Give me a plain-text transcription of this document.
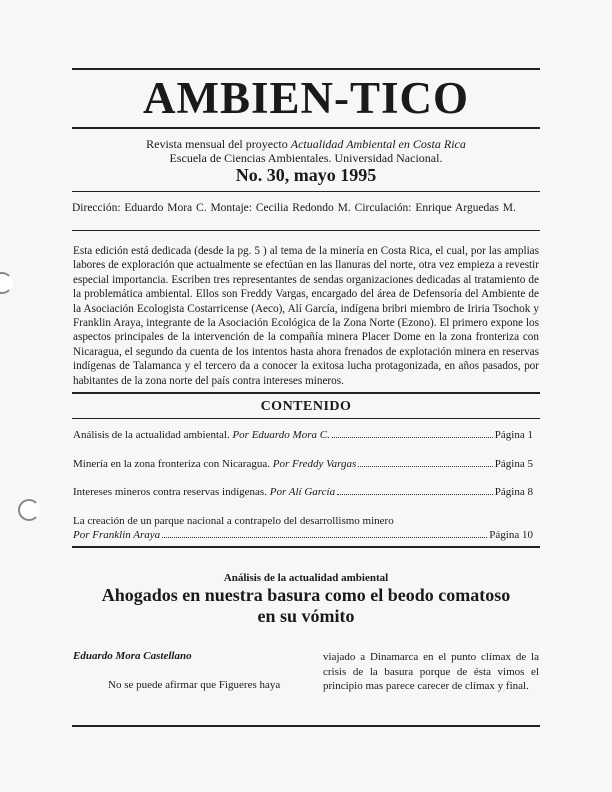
AMBIEN-TICO
Revista mensual del proyecto Actualidad Ambiental en Costa Rica
Escuela de Ciencias Ambientales. Universidad Nacional.
No. 30, mayo 1995
Dirección: Eduardo Mora C. Montaje: Cecilia Redondo M. Circulación: Enrique Arguedas M.
Esta edición está dedicada (desde la pg. 5 ) al tema de la minería en Costa Rica, el cual, por las amplias labores de exploración que actualmente se efectúan en las llanuras del norte, otra vez empieza a revestir especial importancia. Escriben tres representantes de sendas organizaciones dedicadas al tratamiento de la problemática ambiental. Ellos son Freddy Vargas, encargado del área de Defensoría del Ambiente de la Asociación Ecologista Costarricense (Aeco), Alí García, indígena bribri miembro de Iriria Tsochok y Franklin Araya, integrante de la Asociación Ecológica de la Zona Norte (Ezono). El primero expone los aspectos principales de la intervención de la compañía minera Placer Dome en la zona fronteriza con Nicaragua, el segundo da cuenta de los intentos hasta ahora frenados de explotación minera en reservas indígenas de Talamanca y el tercero da a conocer la exitosa lucha protagonizada, en años pasados, por habitantes de la zona norte del país contra intereses mineros.
CONTENIDO
Análisis de la actualidad ambiental.
Por Eduardo Mora C.	Página 1
Minería en la zona fronteriza con Nicaragua.
Por Freddy Vargas	Página 5
Intereses mineros contra reservas indígenas.
Por Alí García	Página 8
La creación de un parque nacional a contrapelo del desarrollismo minero
Por Franklin Araya	Página 10
Análisis de la actualidad ambiental
Ahogados en nuestra basura como el beodo comatoso
en su vómito
Eduardo Mora Castellano
No se puede afirmar que Figueres haya
viajado a Dinamarca en el punto clímax de la crisis de la basura porque de ésta vimos el principio mas parece carecer de clímax y final.
